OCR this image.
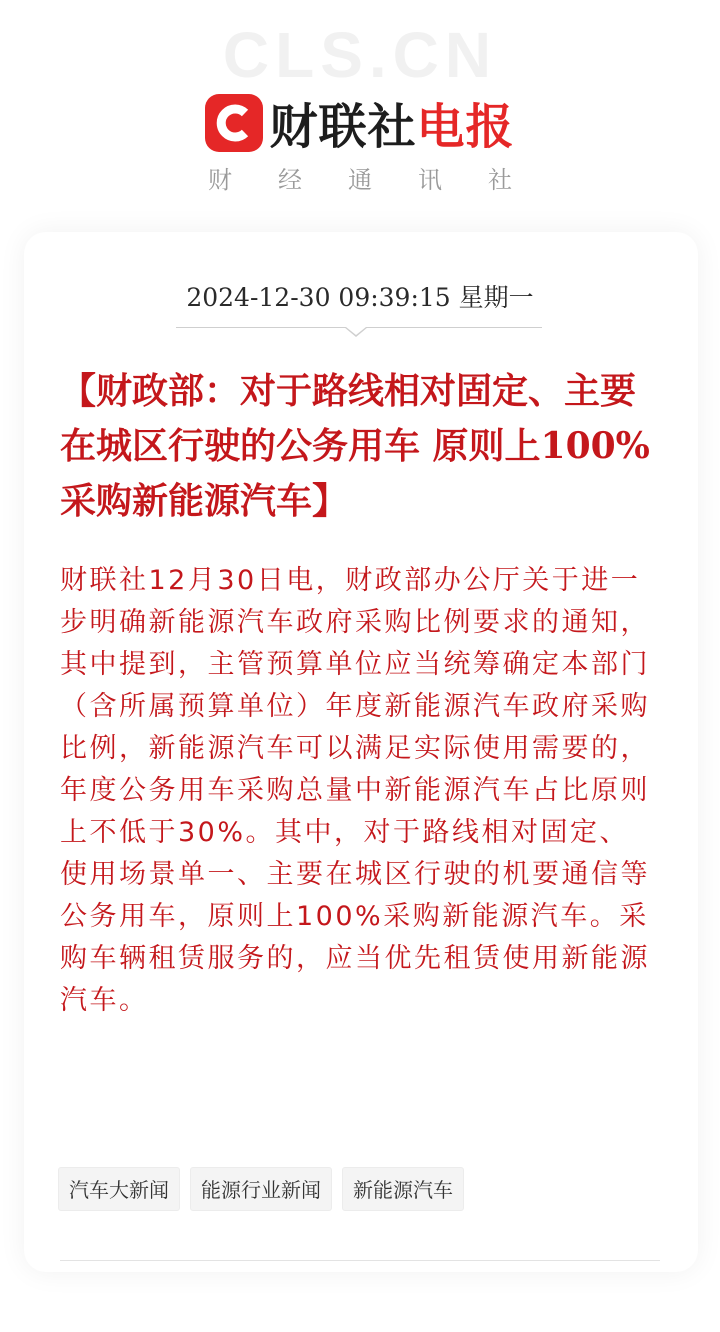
CLS.CN
财联社 电报
财 经 通 讯 社
2024-12-30 09:39:15 星期一
【财政部：对于路线相对固定、主要在城区行驶的公务用车 原则上100%采购新能源汽车】
财联社12月30日电，财政部办公厅关于进一步明确新能源汽车政府采购比例要求的通知，其中提到，主管预算单位应当统筹确定本部门（含所属预算单位）年度新能源汽车政府采购比例，新能源汽车可以满足实际使用需要的，年度公务用车采购总量中新能源汽车占比原则上不低于30%。其中，对于路线相对固定、使用场景单一、主要在城区行驶的机要通信等公务用车，原则上100%采购新能源汽车。采购车辆租赁服务的，应当优先租赁使用新能源汽车。
汽车大新闻	能源行业新闻	新能源汽车
